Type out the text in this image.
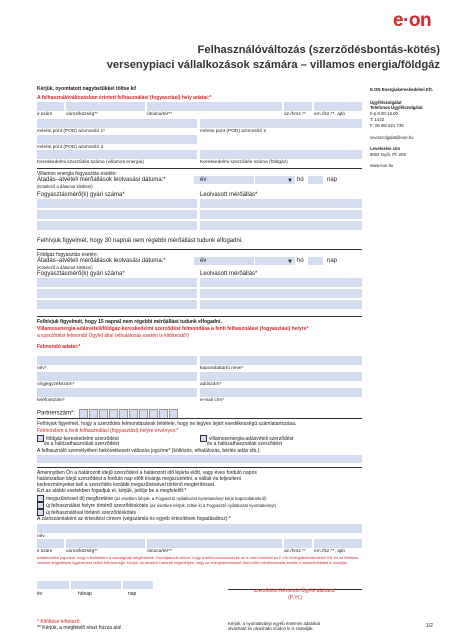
e·on
Felhasználóváltozás (szerződésbontás-kötés)
versenypiaci vállalkozások számára – villamos energia/földgáz
E.ON Energiakereskedelmi Kft.
Ügyfélszolgálat
Telefonos Ügyfélszolgálat
h-p 8.00-16.00
T: 1422
F: 06 96/ 521 735
vevoszolgalat@eon.hu
Levelezési cím
9002 Győr, Pf. 205
www.eon.hu
Kérjük, nyomtatott nagybetűkkel töltse ki!
A felhasználóváltozásban érintett felhasználási (fogyasztási) hely adatai:*
ir.szám	város/község**	út/utca/tér**	az./hrsz.** em./fsz.**, ajtó
mérési pont (POD) azonosító 1*	mérési pont (POD) azonosító 2
mérési pont (POD) azonosító 3
Kereskedelmi szerződés száma (villamos energia)	Kereskedelmi szerződés száma (földgáz)
Villamos energia fogyasztás esetén:
Átadás–átvételi mérőállások leolvasási dátuma:*
(Kötelező a dátumot kitölteni)
év	▼ hó	nap
Fogyasztásmérő(k) gyári száma*	Leolvasott mérőállás*
Felhívjuk figyelmét, hogy 30 napnál nem régebbi mérőállást tudunk elfogadni.
Földgáz fogyasztás esetén:
Átadás–átvételi mérőállások leolvasási dátuma:*
(Kötelező a dátumot kitölteni)
év	▼ hó	nap
Fogyasztásmérő(k) gyári száma*	Leolvasott mérőállás*
Felhívjuk figyelmét, hogy 15 napnál nem régebbi mérőállást tudunk elfogadni.
Villamosenergia-adásvételi/földgáz-kereskedelmi szerződést felmondása a fenti felhasználási (fogyasztási) helyre*
a szerződést felmondó Ügyfél által (elhalálozás esetén is kitöltendő!)
Felmondó adatai:*
név*	kapcsolattartó neve*
cégjegyzékszám*	adószám*
telefonszám*	e-mail cím*
Partnerszám*:
Felhívjuk figyelmét, hogy a szerződés felmondásának feltétele, hogy ne legyen lejárt esedékességű számlatartozása.
Felmondom a fenti felhasználási (fogyasztási) helyre érvényes:*
földgáz-kereskedelmi szerződést
és a hálózathasználati szerződést
villamosenergia-adásvételi szerződést
és a hálózathasználati szerződést
A felhasználó személyében bekövetkezett változás jogcíme* (költözés, elhalálozás, bérlés adás stb.):
Amennyiben Ön a határozott idejű szerződést a határozott idő lejárta előtt, vagy éves forduló napos
határozatlan idejű szerződést a forduló nap előtt kívánja megszüntetni, a vállalt és teljesíteni
kedvezményeket kell a szerződés korábbi megszűnésével történő megtérítéssel.
Ezt az alábbi esetekben fogadjuk el, kérjük, jelölje be a megfelelőt:*
megszűnéssel díj megfizetése (az esetben kérjük, a Fogyasztó nyilatkozat nyomtatványt kérje kapcsolatunkról)
új felhasználási helyre történő szerződéskötés (az esetben kérjük, töltse ki a Fogyasztó nyilatkozat nyomtatványt)
új felhasználóval történő szerződéskötés
A zárószámlaként az értesítési címem (végszámla és egyéb értesítések fogadásához):*
név
ir.szám	város/község**	út/utca/tér**	az./hrsz.** em./fsz.**, ajtó
Adatkezelési jogunkat, hogy a fentiekben a valóságnak megfelelnek. Hozzájárulok ahhoz, hogy a telefonszámomat és az e-mail címemet az E.ON Energiakereskedelmi Kft. és az illetékes elosztói engedélyes ügyintézési célból felhasználja. Kérjük, az elosztói hálózati engedélyes, vagy az energiakereskedő által előírt mérőleolvasás esetén a zárómérőállást is közöljük.
év	hónap	nap	szerződést felmondó Ügyfél aláírása*
(P. H.)
* Kitöltése kötelező.
** Kérjük, a megfelelő részt húzza alá!
Kérjük, a nyomtatványt egyéb értelmes adatokat
olvasható és olvasható módon ki is csatolják.	1/2
